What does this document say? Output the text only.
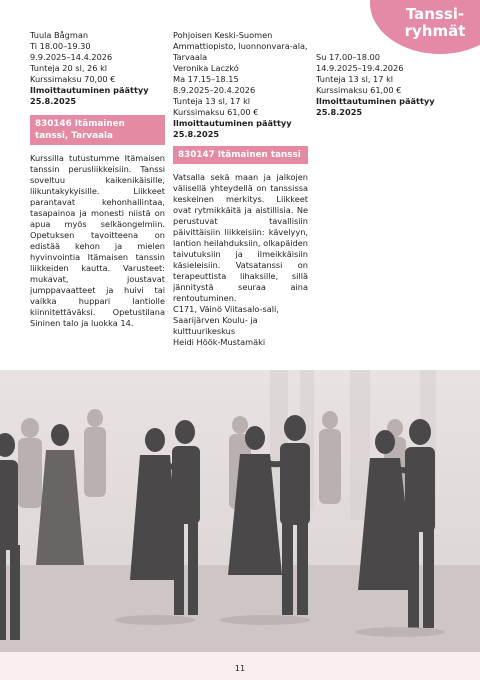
Tanssi-
ryhmät

Tuula Bågman

Ti 18.00–19.30

9.9.2025–14.4.2026

Tunteja 20 sl, 26 kl

Kurssimaksu 70,00 €

Ilmoittautuminen päättyy 25.8.2025

830146 Itämainen tanssi, Tarvaala

Kurssilla tutustumme Itämaisen tanssin perusliikkeisiin. Tanssi soveltuu kaikenikäisille, liikuntakykyisille. Liikkeet parantavat kehonhallintaa, tasapainoa ja monesti niistä on apua myös selkäongelmiin. Opetuksen tavoitteena on edistää kehon ja mielen hyvinvointia Itämaisen tanssin liikkeiden kautta. Varusteet: mukavat, joustavat jumppavaatteet ja huivi tai vaikka huppari lantiolle kiinnitettäväksi. Opetustilana Sininen talo ja luokka 14.

Pohjoisen Keski-Suomen Ammattiopisto, luonnonvara-ala, Tarvaala

Veronika Laczkó

Ma 17.15–18.15

8.9.2025–20.4.2026

Tunteja 13 sl, 17 kl

Kurssimaksu 61,00 €

Ilmoittautuminen päättyy 25.8.2025

830147 Itämainen tanssi

Vatsalla sekä maan ja jalkojen välisellä yhteydellä on tanssissa keskeinen merkitys. Liikkeet ovat rytmikkäitä ja aistillisia. Ne perustuvat tavallisiin päivittäisiin liikkeisiin: kävelyyn, lantion heilahduksiin, olkapäiden taivutuksiin ja ilmeikkäisiin käsieleisiin. Vatsatanssi on terapeuttista lihaksille, sillä jännitystä seuraa aina rentoutuminen.

C171, Väinö Viitasalo-sali, Saarijärven Koulu- ja kulttuurikeskus

Heidi Höök-Mustamäki

Su 17.00–18.00

14.9.2025–19.4.2026

Tunteja 13 sl, 17 kl

Kurssimaksu 61,00 €

Ilmoittautuminen päättyy 25.8.2025

11
